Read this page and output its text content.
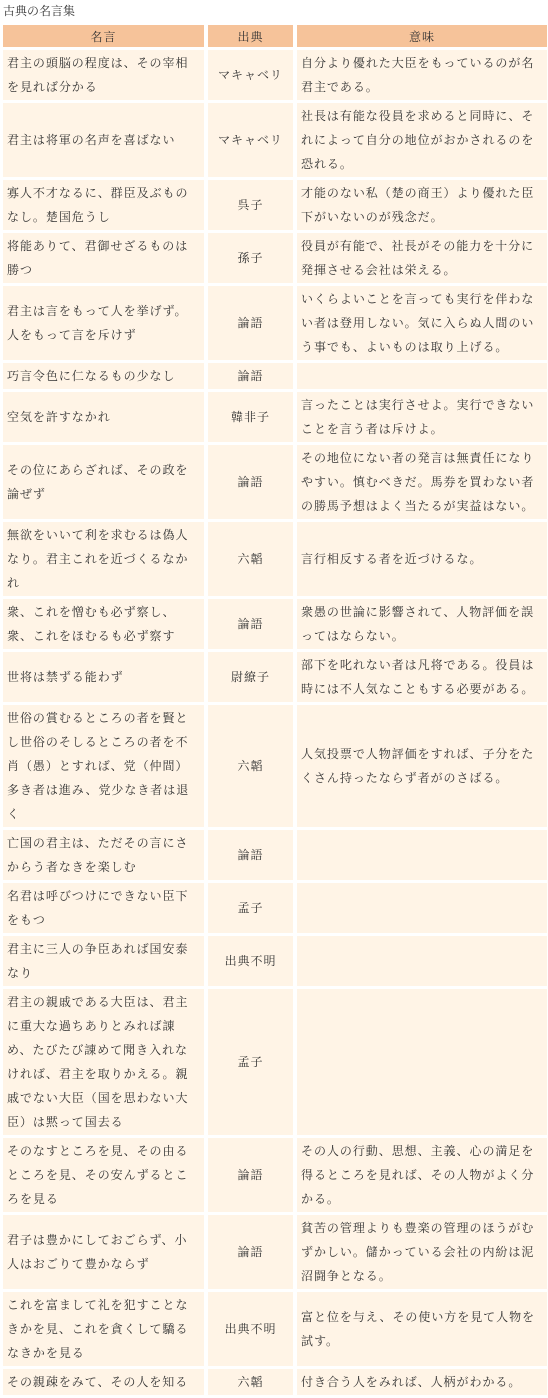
古典の名言集
名言	出典	意味
君主の頭脳の程度は、その宰相を見れば分かる	マキャベリ	自分より優れた大臣をもっているのが名君主である。
君主は将軍の名声を喜ばない	マキャベリ	社長は有能な役員を求めると同時に、それによって自分の地位がおかされるのを恐れる。
寡人不才なるに、群臣及ぶものなし。楚国危うし	呉子	才能のない私（楚の商王）より優れた臣下がいないのが残念だ。
将能ありて、君御せざるものは勝つ	孫子	役員が有能で、社長がその能力を十分に発揮させる会社は栄える。
君主は言をもって人を挙げず。人をもって言を斥けず	論語	いくらよいことを言っても実行を伴わない者は登用しない。気に入らぬ人間のいう事でも、よいものは取り上げる。
巧言令色に仁なるもの少なし	論語	
空気を許すなかれ	韓非子	言ったことは実行させよ。実行できないことを言う者は斥けよ。
その位にあらざれば、その政を論ぜず	論語	その地位にない者の発言は無責任になりやすい。慎むべきだ。馬券を買わない者の勝馬予想はよく当たるが実益はない。
無欲をいいて利を求むるは偽人なり。君主これを近づくるなかれ	六韜	言行相反する者を近づけるな。
衆、これを憎むも必ず察し、衆、これをほむるも必ず察す	論語	衆愚の世論に影響されて、人物評価を誤ってはならない。
世将は禁ずる能わず	尉繚子	部下を叱れない者は凡将である。役員は時には不人気なこともする必要がある。
世俗の賞むるところの者を賢とし世俗のそしるところの者を不肖（愚）とすれば、党（仲間）多き者は進み、党少なき者は退く	六韜	人気投票で人物評価をすれば、子分をたくさん持ったならず者がのさばる。
亡国の君主は、ただその言にさからう者なきを楽しむ	論語	
名君は呼びつけにできない臣下をもつ	孟子	
君主に三人の争臣あれば国安泰なり	出典不明	
君主の親戚である大臣は、君主に重大な過ちありとみれば諌め、たびたび諌めて聞き入れなければ、君主を取りかえる。親戚でない大臣（国を思わない大臣）は黙って国去る	孟子	
そのなすところを見、その由るところを見、その安んずるところを見る	論語	その人の行動、思想、主義、心の満足を得るところを見れば、その人物がよく分かる。
君子は豊かにしておごらず、小人はおごりて豊かならず	論語	貧苦の管理よりも豊楽の管理のほうがむずかしい。儲かっている会社の内紛は泥沼闘争となる。
これを富まして礼を犯すことなきかを見、これを貪くして驕るなきかを見る	出典不明	富と位を与え、その使い方を見て人物を試す。
その親疎をみて、その人を知る	六韜	付き合う人をみれば、人柄がわかる。
